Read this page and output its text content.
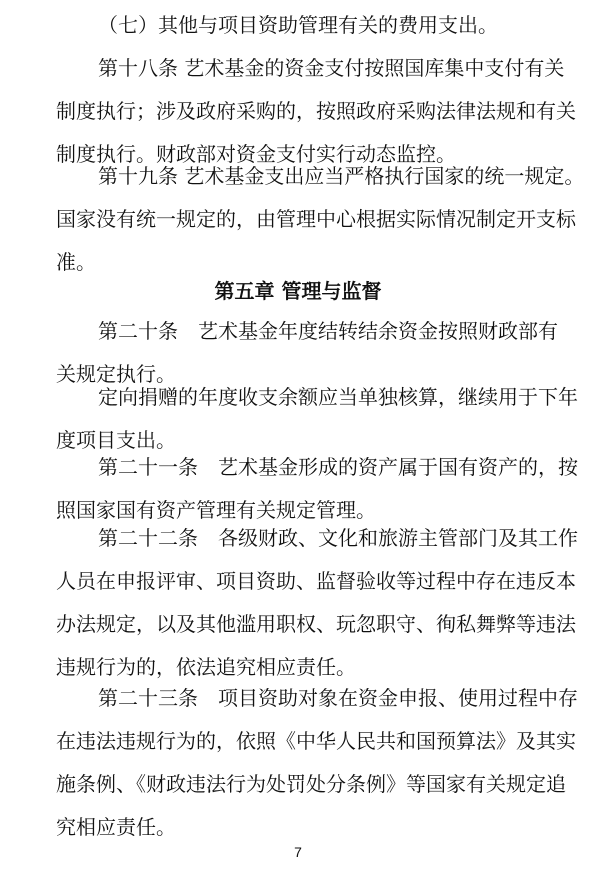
（七）其他与项目资助管理有关的费用支出。

第十八条 艺术基金的资金支付按照国库集中支付有关
制度执行；涉及政府采购的，按照政府采购法律法规和有关
制度执行。财政部对资金支付实行动态监控。

第十九条 艺术基金支出应当严格执行国家的统一规定。
国家没有统一规定的，由管理中心根据实际情况制定开支标
准。

第五章 管理与监督

第二十条　艺术基金年度结转结余资金按照财政部有
关规定执行。

定向捐赠的年度收支余额应当单独核算，继续用于下年
度项目支出。

第二十一条　艺术基金形成的资产属于国有资产的，按
照国家国有资产管理有关规定管理。

第二十二条　各级财政、文化和旅游主管部门及其工作
人员在申报评审、项目资助、监督验收等过程中存在违反本
办法规定，以及其他滥用职权、玩忽职守、徇私舞弊等违法
违规行为的，依法追究相应责任。

第二十三条　项目资助对象在资金申报、使用过程中存
在违法违规行为的，依照《中华人民共和国预算法》及其实
施条例、《财政违法行为处罚处分条例》等国家有关规定追
究相应责任。

7
